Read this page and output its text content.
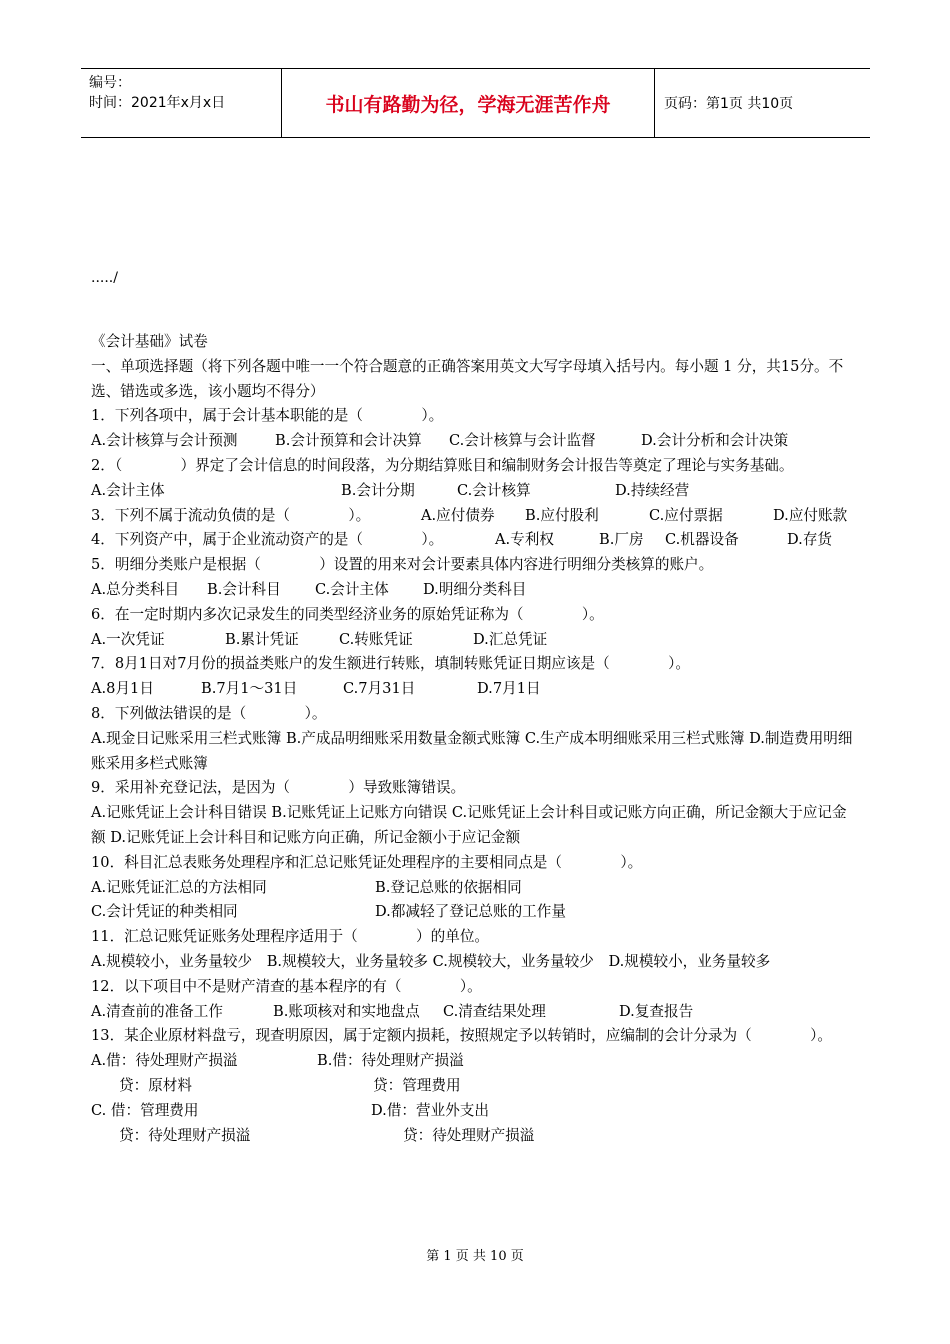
编号：
时间：2021年x月x日	书山有路勤为径，学海无涯苦作舟	页码：第1页 共10页
...../

《会计基础》试卷

一、单项选择题（将下列各题中唯一一个符合题意的正确答案用英文大写字母填入括号内。每小题 1 分，共15分。不选、错选或多选，该小题均不得分）

1．下列各项中，属于会计基本职能的是（　　　　）。

A.会计核算与会计预测	B.会计预算和会计决算	C.会计核算与会计监督	D.会计分析和会计决策

2．（　　　　）界定了会计信息的时间段落，为分期结算账目和编制财务会计报告等奠定了理论与实务基础。

A.会计主体	B.会计分期	C.会计核算	D.持续经营
3．下列不属于流动负债的是（　　　　）。	A.应付债券	B.应付股利	C.应付票据	D.应付账款
4．下列资产中，属于企业流动资产的是（　　　　）。	A.专利权	B.厂房	C.机器设备	D.存货

5．明细分类账户是根据（　　　　）设置的用来对会计要素具体内容进行明细分类核算的账户。

A.总分类科目	B.会计科目	C.会计主体	D.明细分类科目

6．在一定时期内多次记录发生的同类型经济业务的原始凭证称为（　　　　）。

A.一次凭证	B.累计凭证	C.转账凭证	D.汇总凭证

7．8月1日对7月份的损益类账户的发生额进行转账，填制转账凭证日期应该是（　　　　）。

A.8月1日	B.7月1～31日	C.7月31日	D.7月1日

8．下列做法错误的是（　　　　）。

A.现金日记账采用三栏式账簿 B.产成品明细账采用数量金额式账簿 C.生产成本明细账采用三栏式账簿 D.制造费用明细账采用多栏式账簿

9．采用补充登记法，是因为（　　　　）导致账簿错误。

A.记账凭证上会计科目错误 B.记账凭证上记账方向错误 C.记账凭证上会计科目或记账方向正确，所记金额大于应记金额 D.记账凭证上会计科目和记账方向正确，所记金额小于应记金额

10．科目汇总表账务处理程序和汇总记账凭证处理程序的主要相同点是（　　　　）。

A.记账凭证汇总的方法相同	B.登记总账的依据相同
C.会计凭证的种类相同	D.都减轻了登记总账的工作量

11．汇总记账凭证账务处理程序适用于（　　　　）的单位。

A.规模较小，业务量较少　B.规模较大，业务量较多 C.规模较大，业务量较少　D.规模较小，业务量较多

12．以下项目中不是财产清查的基本程序的有（　　　　）。

A.清查前的准备工作	B.账项核对和实地盘点	C.清查结果处理	D.复查报告

13．某企业原材料盘亏，现查明原因，属于定额内损耗，按照规定予以转销时，应编制的会计分录为（　　　　）。

A.借：待处理财产损溢	B.借：待处理财产损溢
贷：原材料	贷：管理费用
C. 借：管理费用	D.借：营业外支出
贷：待处理财产损溢	贷：待处理财产损溢
第 1 页 共 10 页
